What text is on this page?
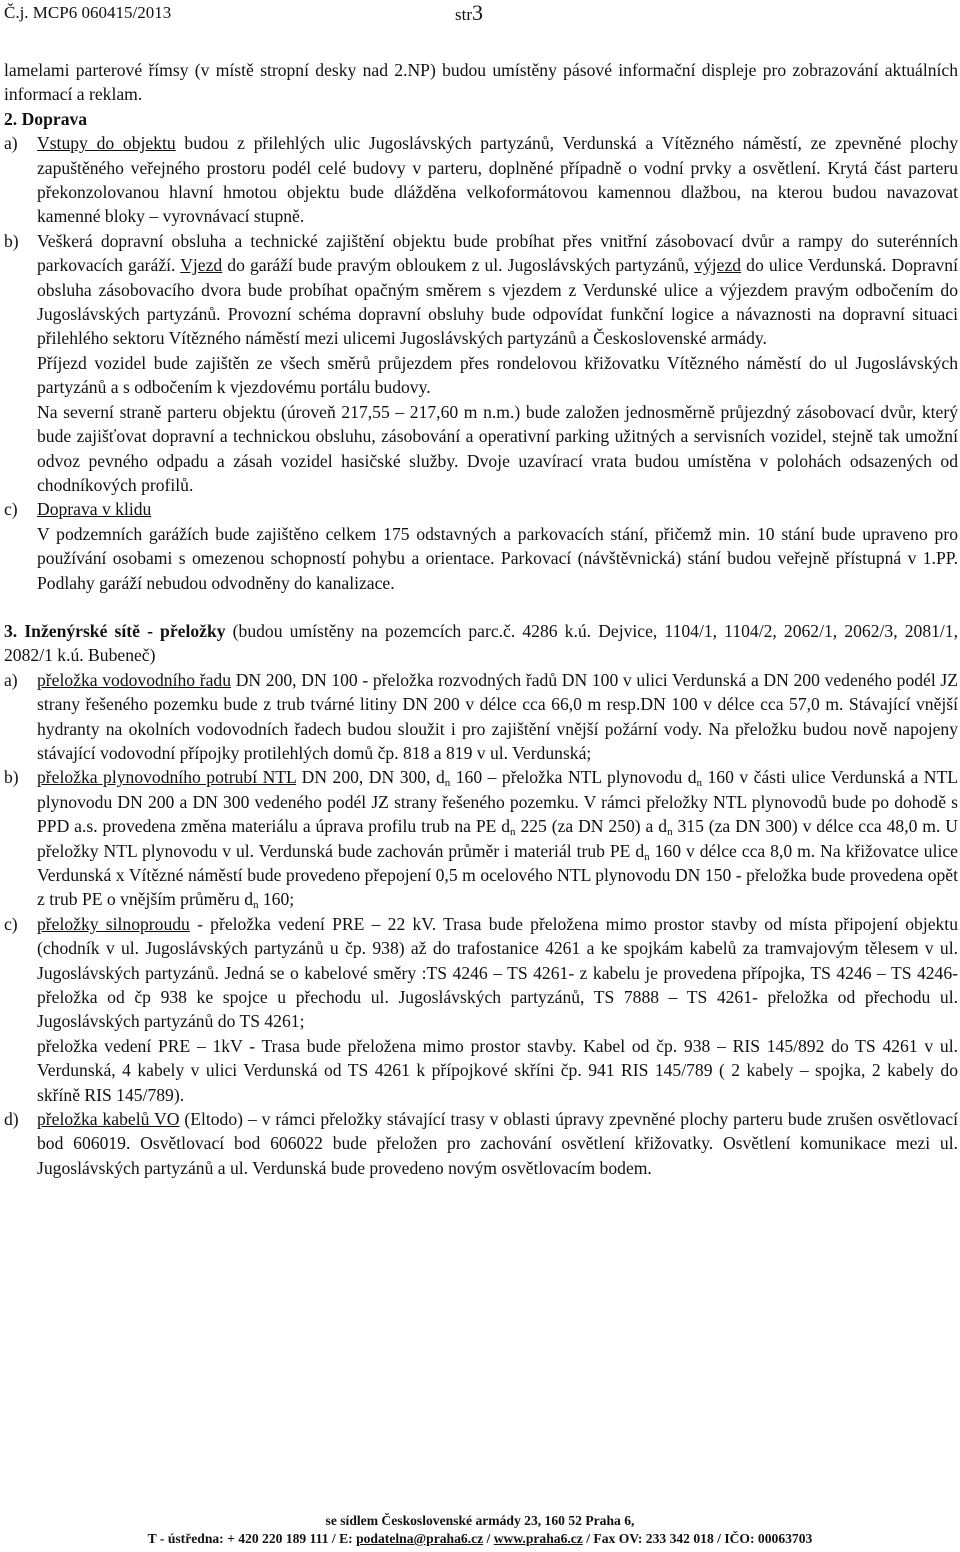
Č.j. MCP6 060415/2013	str3

lamelami parterové římsy (v místě stropní desky nad 2.NP) budou umístěny pásové informační displeje pro zobrazování aktuálních informací a reklam.

2. Doprava

a) Vstupy do objektu budou z přilehlých ulic Jugoslávských partyzánů, Verdunská a Vítězného náměstí, ze zpevněné plochy zapuštěného veřejného prostoru podél celé budovy v parteru, doplněné případně o vodní prvky a osvětlení. Krytá část parteru překonzolovanou hlavní hmotou objektu bude dlážděna velkoformátovou kamennou dlažbou, na kterou budou navazovat kamenné bloky – vyrovnávací stupně.
b) Veškerá dopravní obsluha a technické zajištění objektu bude probíhat přes vnitřní zásobovací dvůr a rampy do suterénních parkovacích garáží. Vjezd do garáží bude pravým obloukem z ul. Jugoslávských partyzánů, výjezd do ulice Verdunská. Dopravní obsluha zásobovacího dvora bude probíhat opačným směrem s vjezdem z Verdunské ulice a výjezdem pravým odbočením do Jugoslávských partyzánů. Provozní schéma dopravní obsluhy bude odpovídat funkční logice a návaznosti na dopravní situaci přilehlého sektoru Vítězného náměstí mezi ulicemi Jugoslávských partyzánů a Československé armády.

Příjezd vozidel bude zajištěn ze všech směrů průjezdem přes rondelovou křižovatku Vítězného náměstí do ul Jugoslávských partyzánů a s odbočením k vjezdovému portálu budovy.

Na severní straně parteru objektu (úroveň 217,55 – 217,60 m n.m.) bude založen jednosměrně průjezdný zásobovací dvůr, který bude zajišťovat dopravní a technickou obsluhu, zásobování a operativní parking užitných a servisních vozidel, stejně tak umožní odvoz pevného odpadu a zásah vozidel hasičské služby. Dvoje uzavírací vrata budou umístěna v polohách odsazených od chodníkových profilů.

c) Doprava v klidu

V podzemních garážích bude zajištěno celkem 175 odstavných a parkovacích stání, přičemž min. 10 stání bude upraveno pro používání osobami s omezenou schopností pohybu a orientace. Parkovací (návštěvnická) stání budou veřejně přístupná v 1.PP. Podlahy garáží nebudou odvodněny do kanalizace.

3. Inženýrské sítě - přeložky (budou umístěny na pozemcích parc.č. 4286 k.ú. Dejvice, 1104/1, 1104/2, 2062/1, 2062/3, 2081/1, 2082/1 k.ú. Bubeneč)

a) přeložka vodovodního řadu DN 200, DN 100 - přeložka rozvodných řadů DN 100 v ulici Verdunská a DN 200 vedeného podél JZ strany řešeného pozemku bude z trub tvárné litiny DN 200 v délce cca 66,0 m resp.DN 100 v délce cca 57,0 m. Stávající vnější hydranty na okolních vodovodních řadech budou sloužit i pro zajištění vnější požární vody. Na přeložku budou nově napojeny stávající vodovodní přípojky protilehlých domů čp. 818 a 819 v ul. Verdunská;
b) přeložka plynovodního potrubí NTL DN 200, DN 300, $d_n$ 160 – přeložka NTL plynovodu $d_n$ 160 v části ulice Verdunská a NTL plynovodu DN 200 a DN 300 vedeného podél JZ strany řešeného pozemku. V rámci přeložky NTL plynovodů bude po dohodě s PPD a.s. provedena změna materiálu a úprava profilu trub na PE $d_n$ 225 (za DN 250) a $d_n$ 315 (za DN 300) v délce cca 48,0 m. U přeložky NTL plynovodu v ul. Verdunská bude zachován průměr i materiál trub PE $d_n$ 160 v délce cca 8,0 m. Na křižovatce ulice Verdunská x Vítězné náměstí bude provedeno přepojení 0,5 m ocelového NTL plynovodu DN 150 - přeložka bude provedena opět z trub PE o vnějším průměru $d_n$ 160;
c) přeložky silnoproudu - přeložka vedení PRE – 22 kV. Trasa bude přeložena mimo prostor stavby od místa připojení objektu (chodník v ul. Jugoslávských partyzánů u čp. 938) až do trafostanice 4261 a ke spojkám kabelů za tramvajovým tělesem v ul. Jugoslávských partyzánů. Jedná se o kabelové směry :TS 4246 – TS 4261- z kabelu je provedena přípojka, TS 4246 – TS 4246- přeložka od čp 938 ke spojce u přechodu ul. Jugoslávských partyzánů, TS 7888 – TS 4261- přeložka od přechodu ul. Jugoslávských partyzánů do TS 4261;

přeložka vedení PRE – 1kV - Trasa bude přeložena mimo prostor stavby. Kabel od čp. 938 – RIS 145/892 do TS 4261 v ul. Verdunská, 4 kabely v ulici Verdunská od TS 4261 k přípojkové skříni čp. 941 RIS 145/789 ( 2 kabely – spojka, 2 kabely do skříně RIS 145/789).

d) přeložka kabelů VO (Eltodo) – v rámci přeložky stávající trasy v oblasti úpravy zpevněné plochy parteru bude zrušen osvětlovací bod 606019. Osvětlovací bod 606022 bude přeložen pro zachování osvětlení křižovatky. Osvětlení komunikace mezi ul. Jugoslávských partyzánů a ul. Verdunská bude provedeno novým osvětlovacím bodem.
se sídlem Československé armády 23, 160 52 Praha 6,
T - ústředna: + 420 220 189 111 / E: podatelna@praha6.cz / www.praha6.cz / Fax OV: 233 342 018 / IČO: 00063703
